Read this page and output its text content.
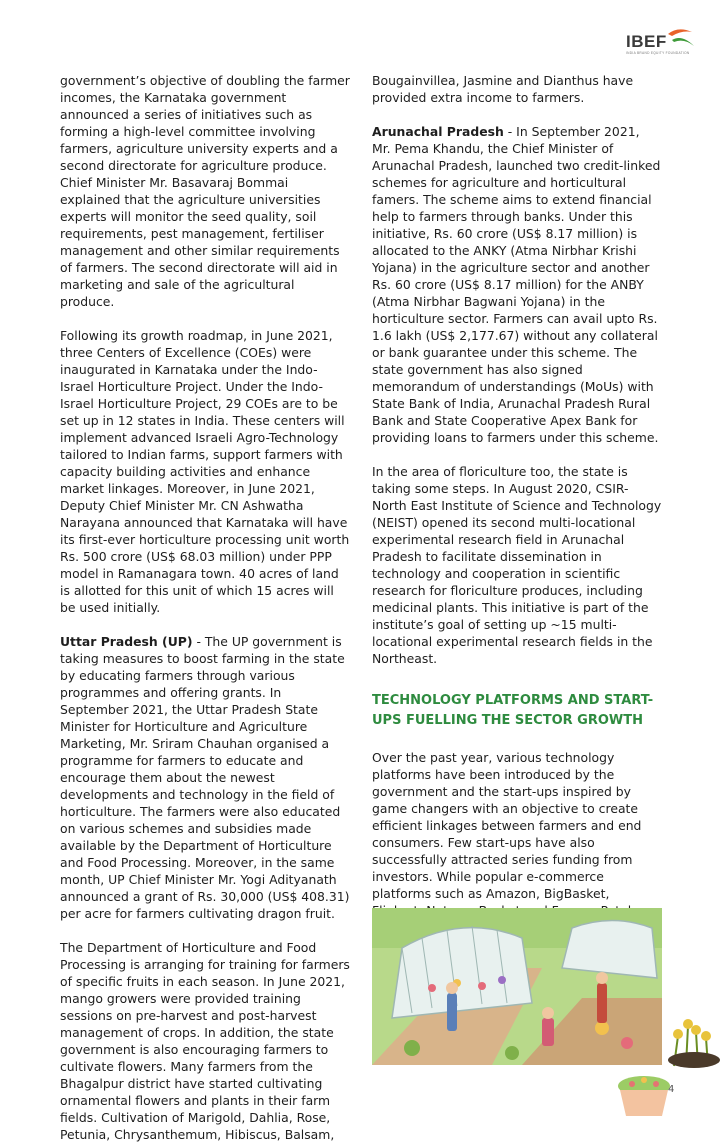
IBEF
INDIA BRAND EQUITY FOUNDATION

government’s objective of doubling the farmer incomes, the Karnataka government announced a series of initiatives such as forming a high-level committee involving farmers, agriculture university experts and a second directorate for agriculture produce. Chief Minister Mr. Basavaraj Bommai explained that the agriculture universities experts will monitor the seed quality, soil requirements, pest management, fertiliser management and other similar requirements of farmers. The second directorate will aid in marketing and sale of the agricultural produce.

Following its growth roadmap, in June 2021, three Centers of Excellence (COEs) were inaugurated in Karnataka under the Indo-Israel Horticulture Project. Under the Indo-Israel Horticulture Project, 29 COEs are to be set up in 12 states in India. These centers will implement advanced Israeli Agro-Technology tailored to Indian farms, support farmers with capacity building activities and enhance market linkages. Moreover, in June 2021, Deputy Chief Minister Mr. CN Ashwatha Narayana announced that Karnataka will have its first-ever horticulture processing unit worth Rs. 500 crore (US$ 68.03 million) under PPP model in Ramanagara town. 40 acres of land is allotted for this unit of which 15 acres will be used initially.

Uttar Pradesh (UP) - The UP government is taking measures to boost farming in the state by educating farmers through various programmes and offering grants. In September 2021, the Uttar Pradesh State Minister for Horticulture and Agriculture Marketing, Mr. Sriram Chauhan organised a programme for farmers to educate and encourage them about the newest developments and technology in the field of horticulture. The farmers were also educated on various schemes and subsidies made available by the Department of Horticulture and Food Processing. Moreover, in the same month, UP Chief Minister Mr. Yogi Adityanath announced a grant of Rs. 30,000 (US$ 408.31) per acre for farmers cultivating dragon fruit.

The Department of Horticulture and Food Processing is arranging for training for farmers of specific fruits in each season. In June 2021, mango growers were provided training sessions on pre-harvest and post-harvest management of crops. In addition, the state government is also encouraging farmers to cultivate flowers. Many farmers from the Bhagalpur district have started cultivating ornamental flowers and plants in their farm fields. Cultivation of Marigold, Dahlia, Rose, Petunia, Chrysanthemum, Hibiscus, Balsam,

Bougainvillea, Jasmine and Dianthus have provided extra income to farmers.

Arunachal Pradesh - In September 2021, Mr. Pema Khandu, the Chief Minister of Arunachal Pradesh, launched two credit-linked schemes for agriculture and horticultural famers. The scheme aims to extend financial help to farmers through banks. Under this initiative, Rs. 60 crore (US$ 8.17 million) is allocated to the ANKY (Atma Nirbhar Krishi Yojana) in the agriculture sector and another Rs. 60 crore (US$ 8.17 million) for the ANBY (Atma Nirbhar Bagwani Yojana) in the horticulture sector. Farmers can avail upto Rs. 1.6 lakh (US$ 2,177.67) without any collateral or bank guarantee under this scheme. The state government has also signed memorandum of understandings (MoUs) with State Bank of India, Arunachal Pradesh Rural Bank and State Cooperative Apex Bank for providing loans to farmers under this scheme.

In the area of floriculture too, the state is taking some steps. In August 2020, CSIR-North East Institute of Science and Technology (NEIST) opened its second multi-locational experimental research field in Arunachal Pradesh to facilitate dissemination in technology and cooperation in scientific research for floriculture produces, including medicinal plants. This initiative is part of the institute’s goal of setting up ~15 multi-locational experimental research fields in the Northeast.

TECHNOLOGY PLATFORMS AND START-UPS FUELLING THE SECTOR GROWTH

Over the past year, various technology platforms have been introduced by the government and the start-ups inspired by game changers with an objective to create efficient linkages between farmers and end consumers. Few start-ups have also successfully attracted series funding from investors. While popular e-commerce platforms such as Amazon, BigBasket,

4
